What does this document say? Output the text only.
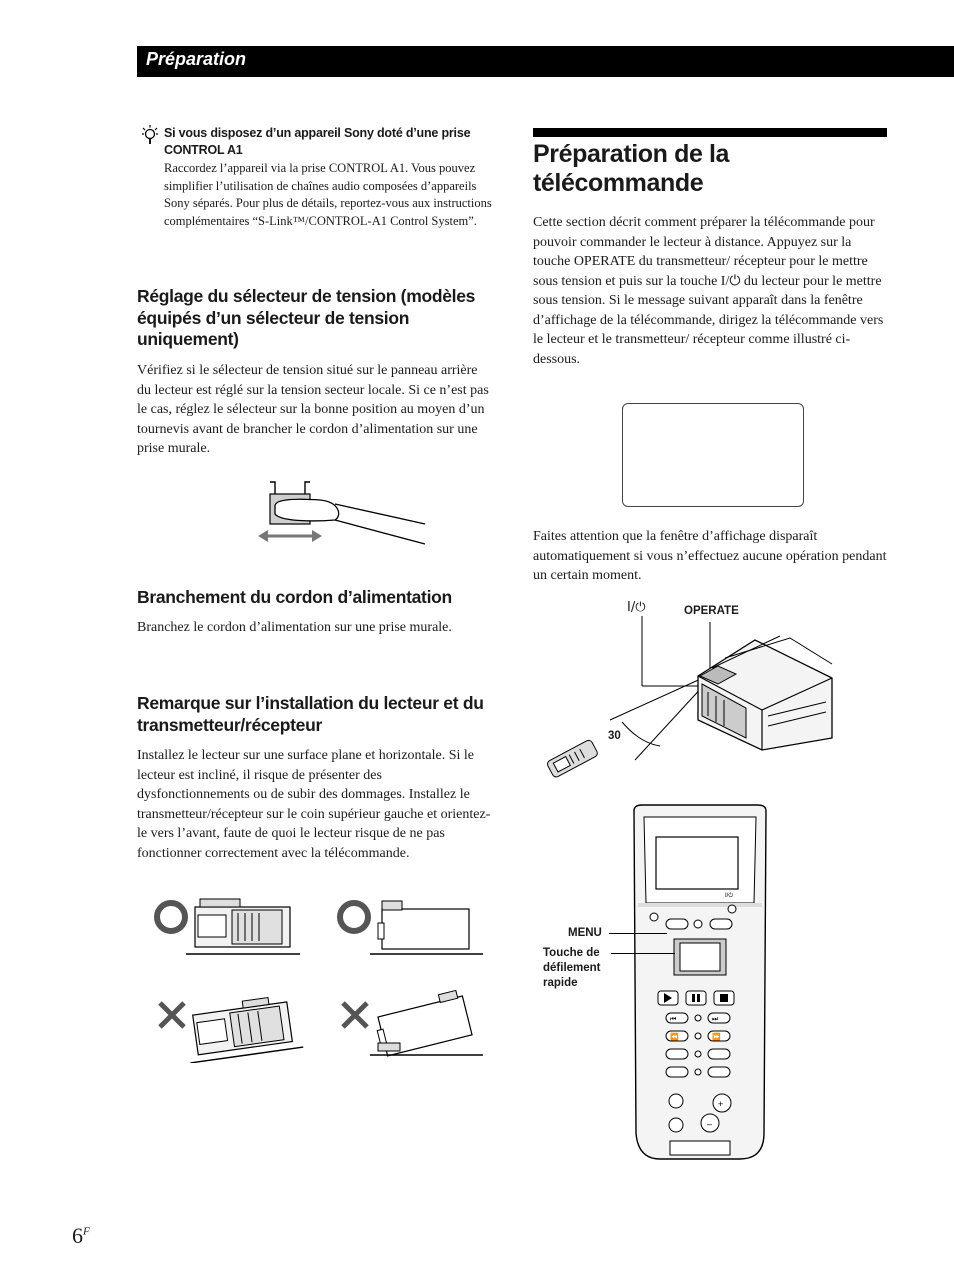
Préparation
Si vous disposez d’un appareil Sony doté d’une prise CONTROL A1
Raccordez l’appareil via la prise CONTROL A1. Vous pouvez simplifier l’utilisation de chaînes audio composées d’appareils Sony séparés. Pour plus de détails, reportez-vous aux instructions complémentaires “S-Link™/CONTROL-A1 Control System”.
Réglage du sélecteur de tension (modèles équipés d’un sélecteur de tension uniquement)

Vérifiez si le sélecteur de tension situé sur le panneau arrière du lecteur est réglé sur la tension secteur locale. Si ce n’est pas le cas, réglez le sélecteur sur la bonne position au moyen d’un tournevis avant de brancher le cordon d’alimentation sur une prise murale.

Branchement du cordon d’alimentation

Branchez le cordon d’alimentation sur une prise murale.

Remarque sur l’installation du lecteur et du transmetteur/récepteur

Installez le lecteur sur une surface plane et horizontale. Si le lecteur est incliné, il risque de présenter des dysfonctionnements ou de subir des dommages. Installez le transmetteur/récepteur sur le coin supérieur gauche et orientez-le vers l’avant, faute de quoi le lecteur risque de ne pas fonctionner correctement avec la télécommande.

Préparation de la télécommande

Cette section décrit comment préparer la télécommande pour pouvoir commander le lecteur à distance. Appuyez sur la touche OPERATE du transmetteur/ récepteur pour le mettre sous tension et puis sur la touche I/⏻ du lecteur pour le mettre sous tension. Si le message suivant apparaît dans la fenêtre d’affichage de la télécommande, dirigez la télécommande vers le lecteur et le transmetteur/ récepteur comme illustré ci-dessous.

Faites attention que la fenêtre d’affichage disparaît automatiquement si vous n’effectuez aucune opération pendant un certain moment.

I/⏻	OPERATE
30
I/⏻
⏮	⏭
⏪	⏩
+
–
MENU
Touche de défilement rapide
$6^F$
